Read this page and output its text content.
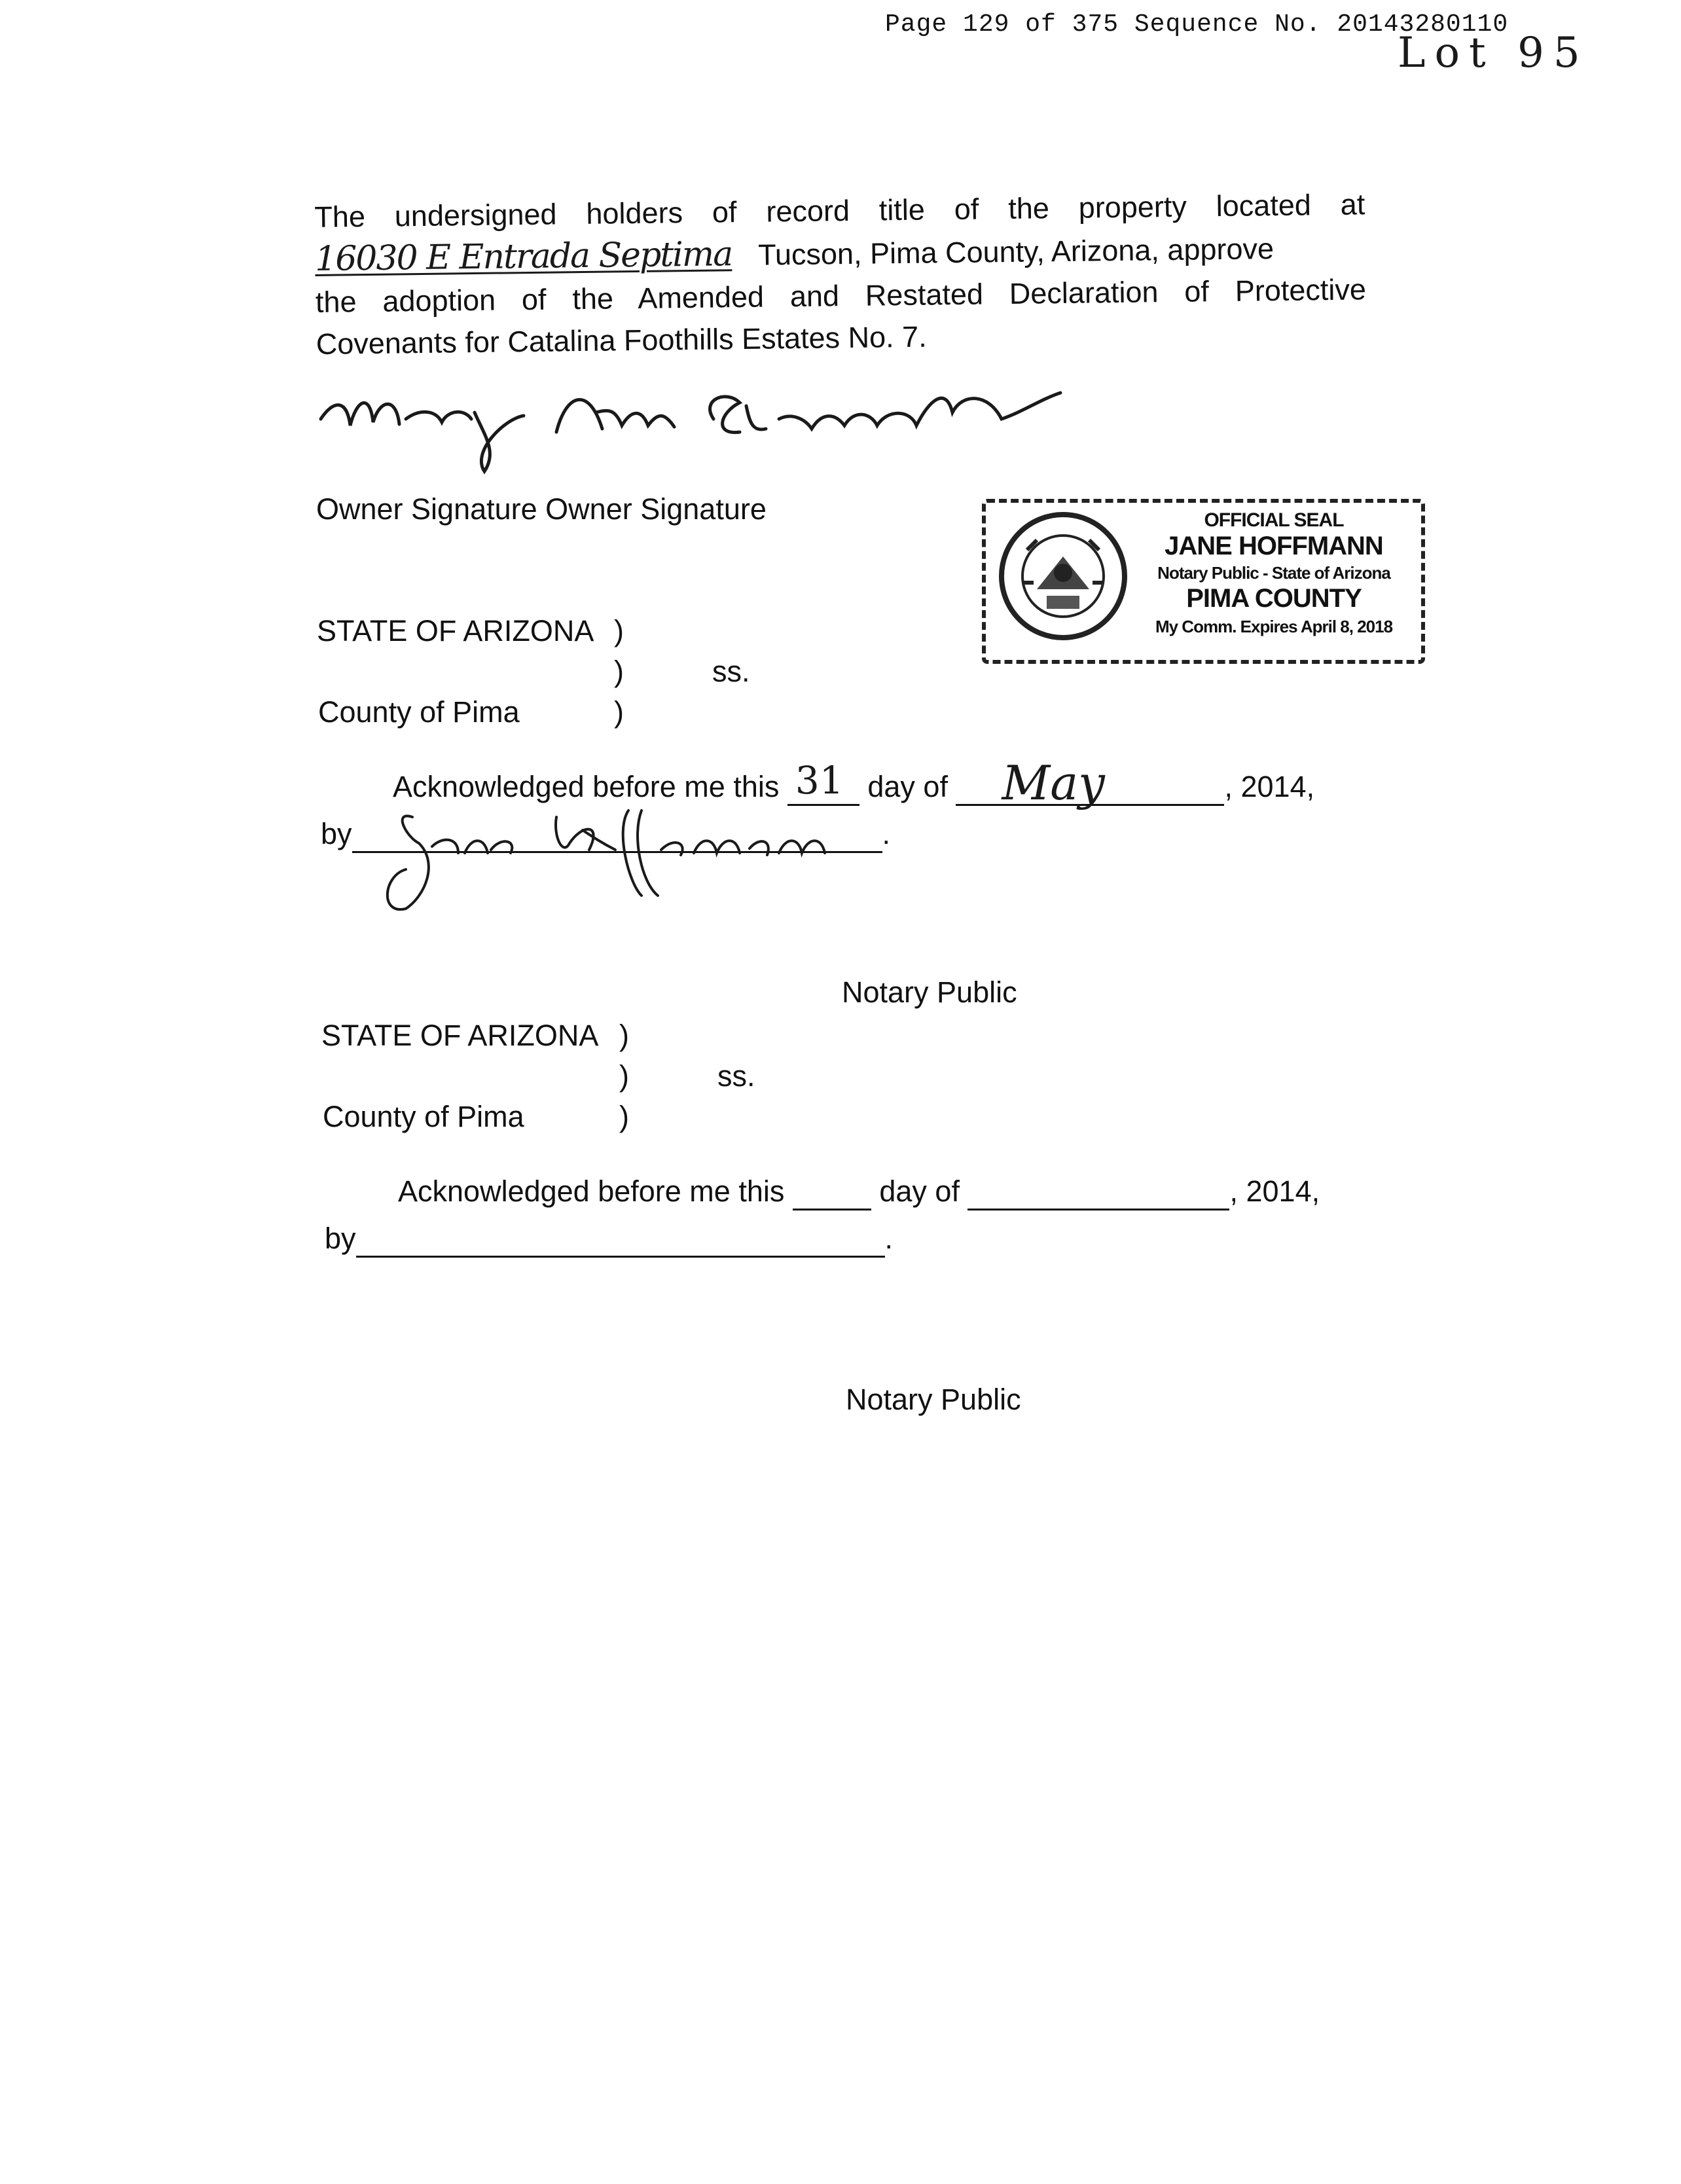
Page 129 of 375 Sequence No. 20143280110
Lot 95
The undersigned holders of record title of the property located at
16030 E Entrada Septima Tucson, Pima County, Arizona, approve
the adoption of the Amended and Restated Declaration of Protective
Covenants for Catalina Foothills Estates No. 7.
Owner Signature Owner Signature	OFFICIAL SEAL
JANE HOFFMANN
Notary Public - State of Arizona
PIMA COUNTY
My Comm. Expires April 8, 2018
STATE OF ARIZONA )
)	ss.
County of Pima	)
Acknowledged before me this 31 day of May	, 2014,
by	.
Notary Public
STATE OF ARIZONA )
)	ss.
County of Pima	)
Acknowledged before me this	day of	, 2014,
by	.
Notary Public
